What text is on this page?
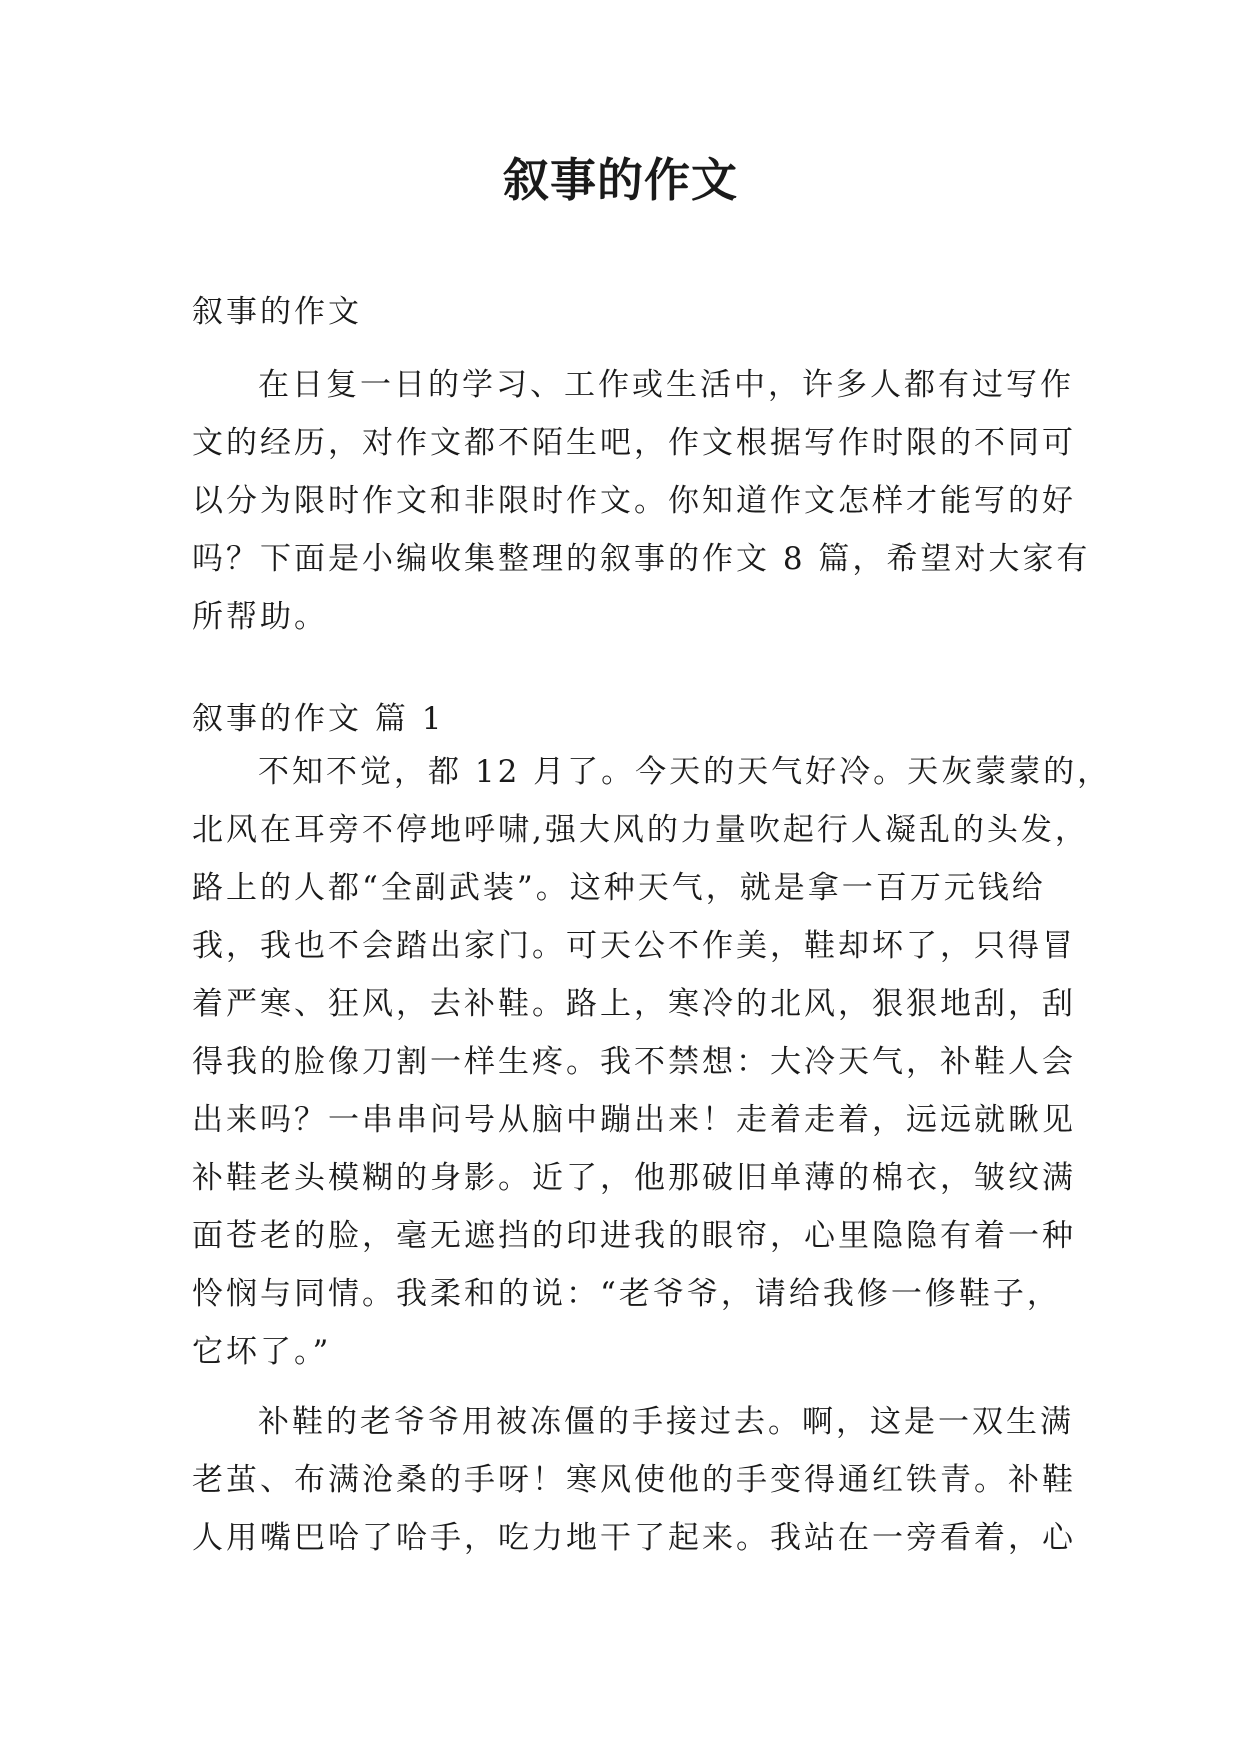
叙事的作文

叙事的作文

在日复一日的学习、工作或生活中，许多人都有过写作
文的经历，对作文都不陌生吧，作文根据写作时限的不同可
以分为限时作文和非限时作文。你知道作文怎样才能写的好
吗？下面是小编收集整理的叙事的作文 8 篇，希望对大家有
所帮助。

叙事的作文 篇 1

不知不觉，都 12 月了。今天的天气好冷。天灰蒙蒙的，
北风在耳旁不停地呼啸,强大风的力量吹起行人凝乱的头发，
路上的人都“全副武装”。这种天气，就是拿一百万元钱给
我，我也不会踏出家门。可天公不作美，鞋却坏了，只得冒
着严寒、狂风，去补鞋。路上，寒冷的北风，狠狠地刮，刮
得我的脸像刀割一样生疼。我不禁想：大冷天气，补鞋人会
出来吗？一串串问号从脑中蹦出来！走着走着，远远就瞅见
补鞋老头模糊的身影。近了，他那破旧单薄的棉衣，皱纹满
面苍老的脸，毫无遮挡的印进我的眼帘，心里隐隐有着一种
怜悯与同情。我柔和的说：“老爷爷，请给我修一修鞋子，
它坏了。”
补鞋的老爷爷用被冻僵的手接过去。啊，这是一双生满
老茧、布满沧桑的手呀！寒风使他的手变得通红铁青。补鞋
人用嘴巴哈了哈手，吃力地干了起来。我站在一旁看着，心
